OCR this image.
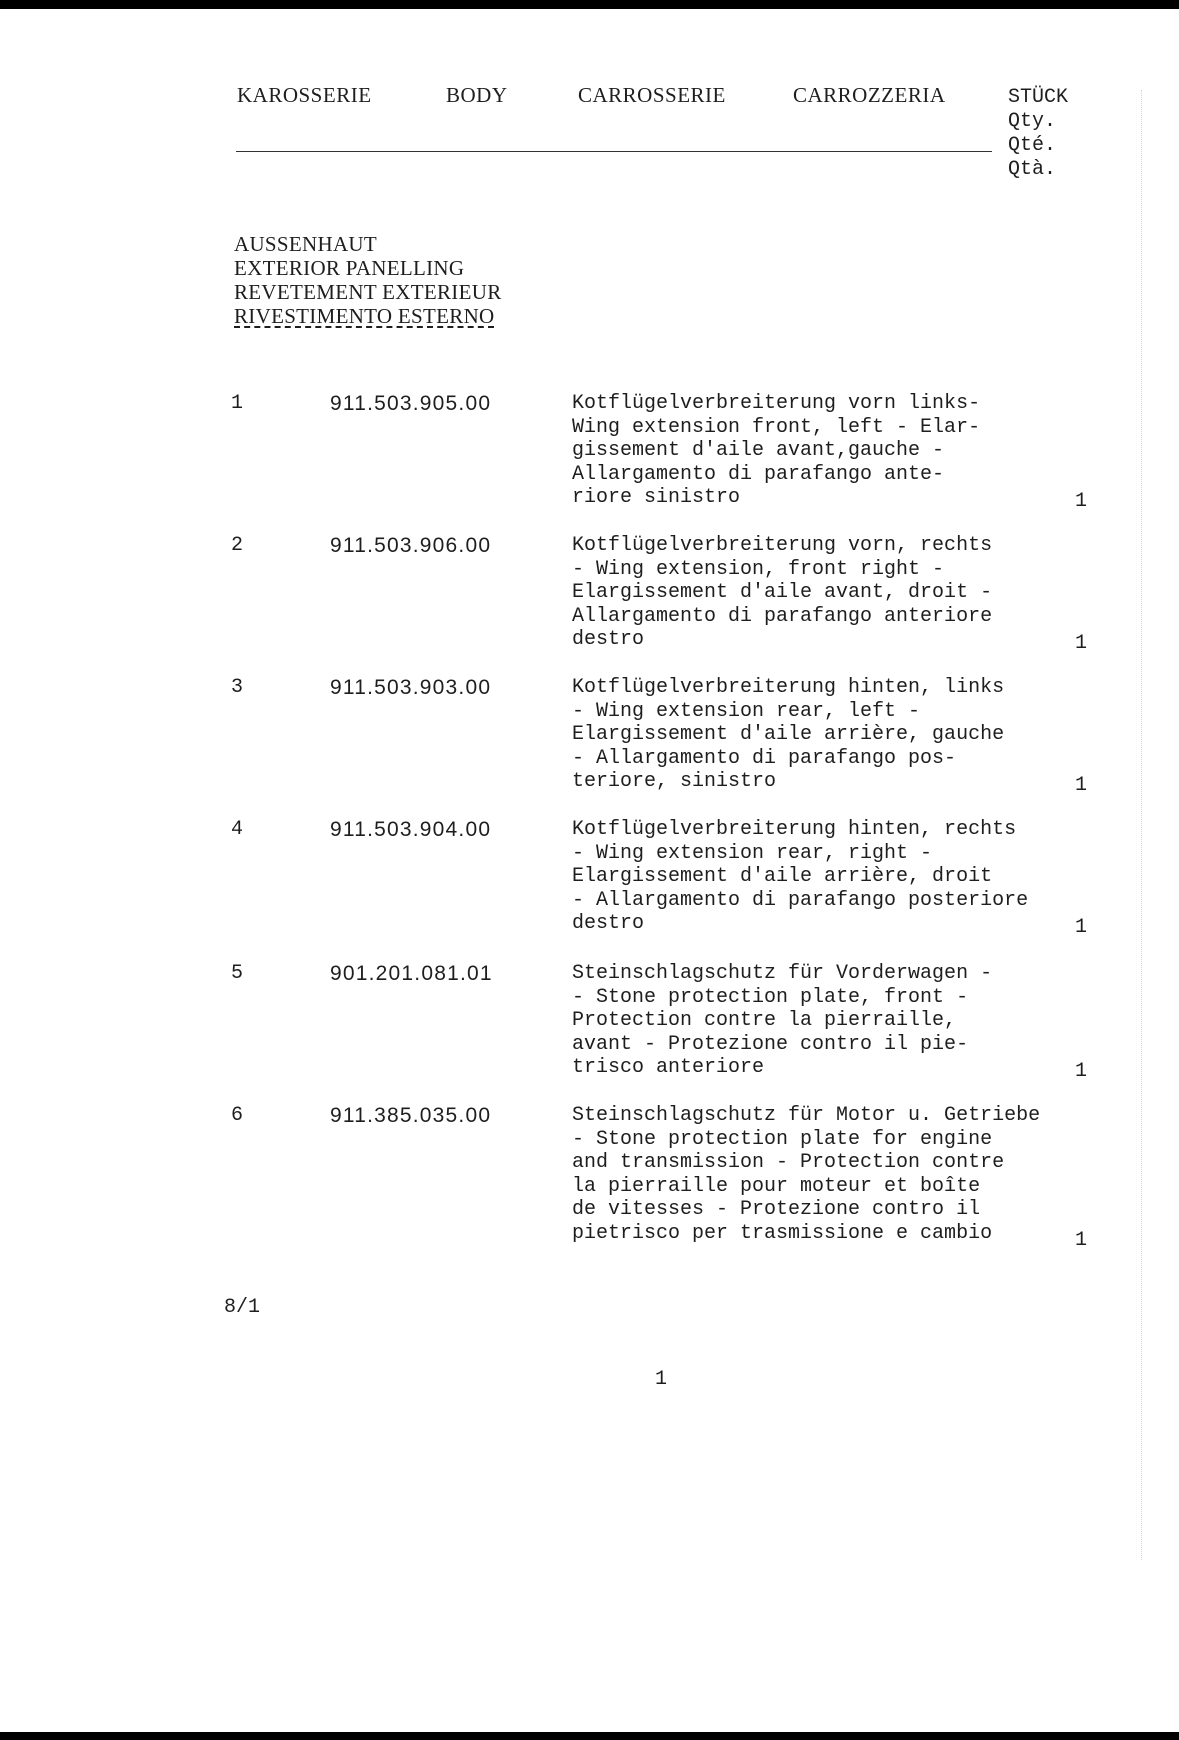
KAROSSERIE	BODY	CARROSSERIE	CARROZZERIA	STÜCK
Qty.
Qté.
Qtà.
AUSSENHAUT
EXTERIOR PANELLING
REVETEMENT EXTERIEUR
RIVESTIMENTO ESTERNO
1	911.503.905.00	Kotflügelverbreiterung vorn links-
Wing extension front, left - Elar-
gissement d'aile avant,gauche -
Allargamento di parafango ante-
riore sinistro	1
2	911.503.906.00	Kotflügelverbreiterung vorn, rechts
- Wing extension, front right -
Elargissement d'aile avant, droit -
Allargamento di parafango anteriore
destro	1
3	911.503.903.00	Kotflügelverbreiterung hinten, links
- Wing extension rear, left -
Elargissement d'aile arrière, gauche
- Allargamento di parafango pos-
teriore, sinistro	1
4	911.503.904.00	Kotflügelverbreiterung hinten, rechts
- Wing extension rear, right -
Elargissement d'aile arrière, droit
- Allargamento di parafango posteriore
destro	1
5	901.201.081.01	Steinschlagschutz für Vorderwagen -
- Stone protection plate, front -
Protection contre la pierraille,
avant - Protezione contro il pie-
trisco anteriore	1
6	911.385.035.00	Steinschlagschutz für Motor u. Getriebe
- Stone protection plate for engine
and transmission - Protection contre
la pierraille pour moteur et boîte
de vitesses - Protezione contro il
pietrisco per trasmissione e cambio	1
8/1
1
